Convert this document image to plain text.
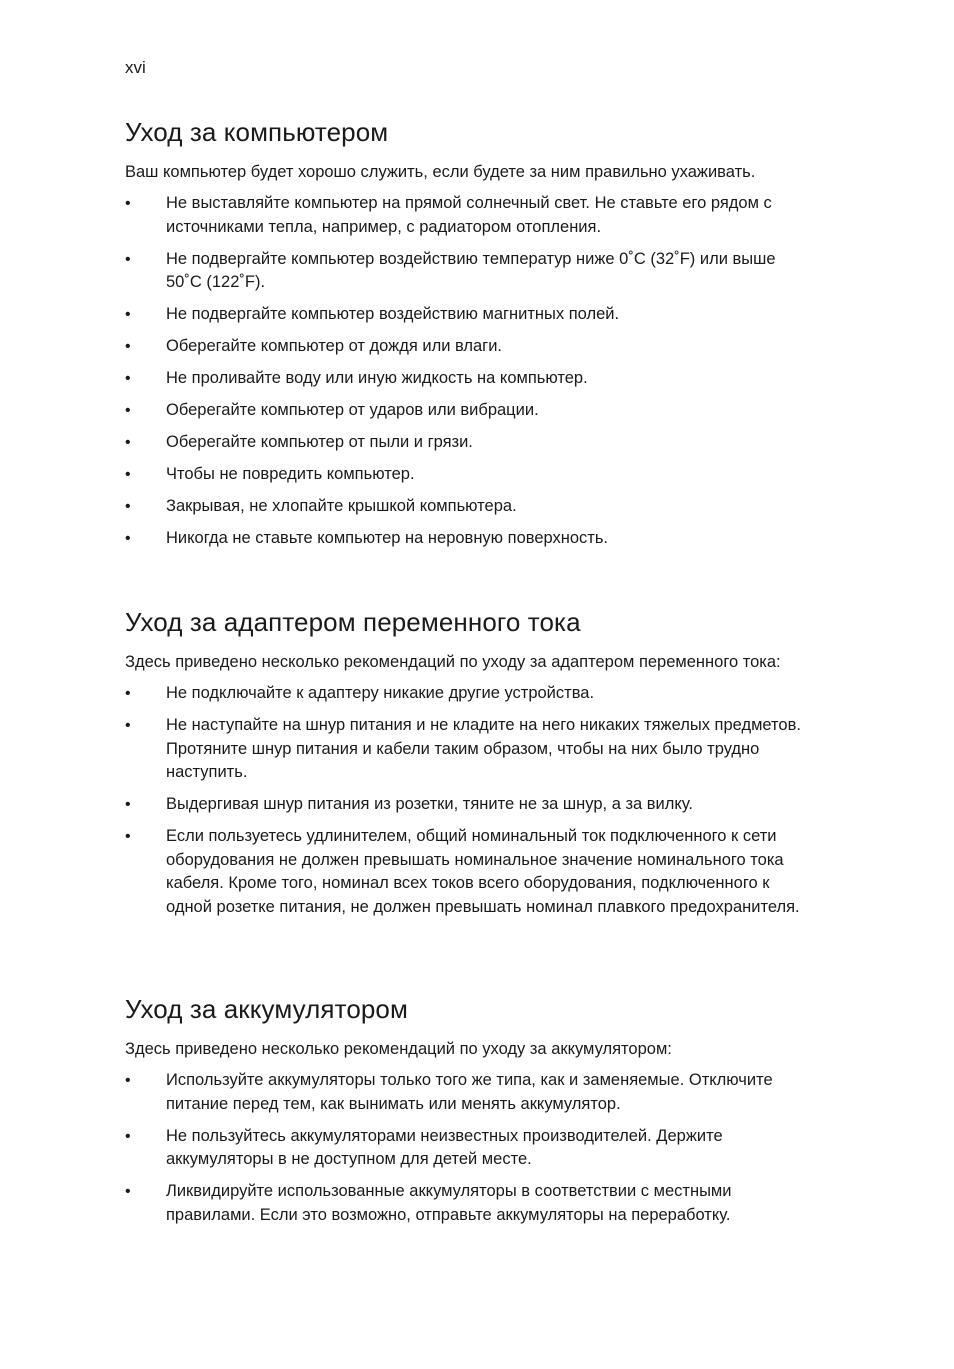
xvi

Уход за компьютером

Ваш компьютер будет хорошо служить, если будете за ним правильно ухаживать.

•	Не выставляйте компьютер на прямой солнечный свет. Не ставьте его рядом с источниками тепла, например, с радиатором отопления.
•	Не подвергайте компьютер воздействию температур ниже 0˚C (32˚F) или выше 50˚C (122˚F).
•	Не подвергайте компьютер воздействию магнитных полей.
•	Оберегайте компьютер от дождя или влаги.
•	Не проливайте воду или иную жидкость на компьютер.
•	Оберегайте компьютер от ударов или вибрации.
•	Оберегайте компьютер от пыли и грязи.
•	Чтобы не повредить компьютер.
•	Закрывая, не хлопайте крышкой компьютера.
•	Никогда не ставьте компьютер на неровную поверхность.
Уход за адаптером переменного тока

Здесь приведено несколько рекомендаций по уходу за адаптером переменного тока:

•	Не подключайте к адаптеру никакие другие устройства.
•	Не наступайте на шнур питания и не кладите на него никаких тяжелых предметов. Протяните шнур питания и кабели таким образом, чтобы на них было трудно наступить.
•	Выдергивая шнур питания из розетки, тяните не за шнур, а за вилку.
•	Если пользуетесь удлинителем, общий номинальный ток подключенного к сети оборудования не должен превышать номинальное значение номинального тока кабеля. Кроме того, номинал всех токов всего оборудования, подключенного к одной розетке питания, не должен превышать номинал плавкого предохранителя.
Уход за аккумулятором

Здесь приведено несколько рекомендаций по уходу за аккумулятором:

•	Используйте аккумуляторы только того же типа, как и заменяемые. Отключите питание перед тем, как вынимать или менять аккумулятор.
•	Не пользуйтесь аккумуляторами неизвестных производителей. Держите аккумуляторы в не доступном для детей месте.
•	Ликвидируйте использованные аккумуляторы в соответствии с местными правилами. Если это возможно, отправьте аккумуляторы на переработку.
